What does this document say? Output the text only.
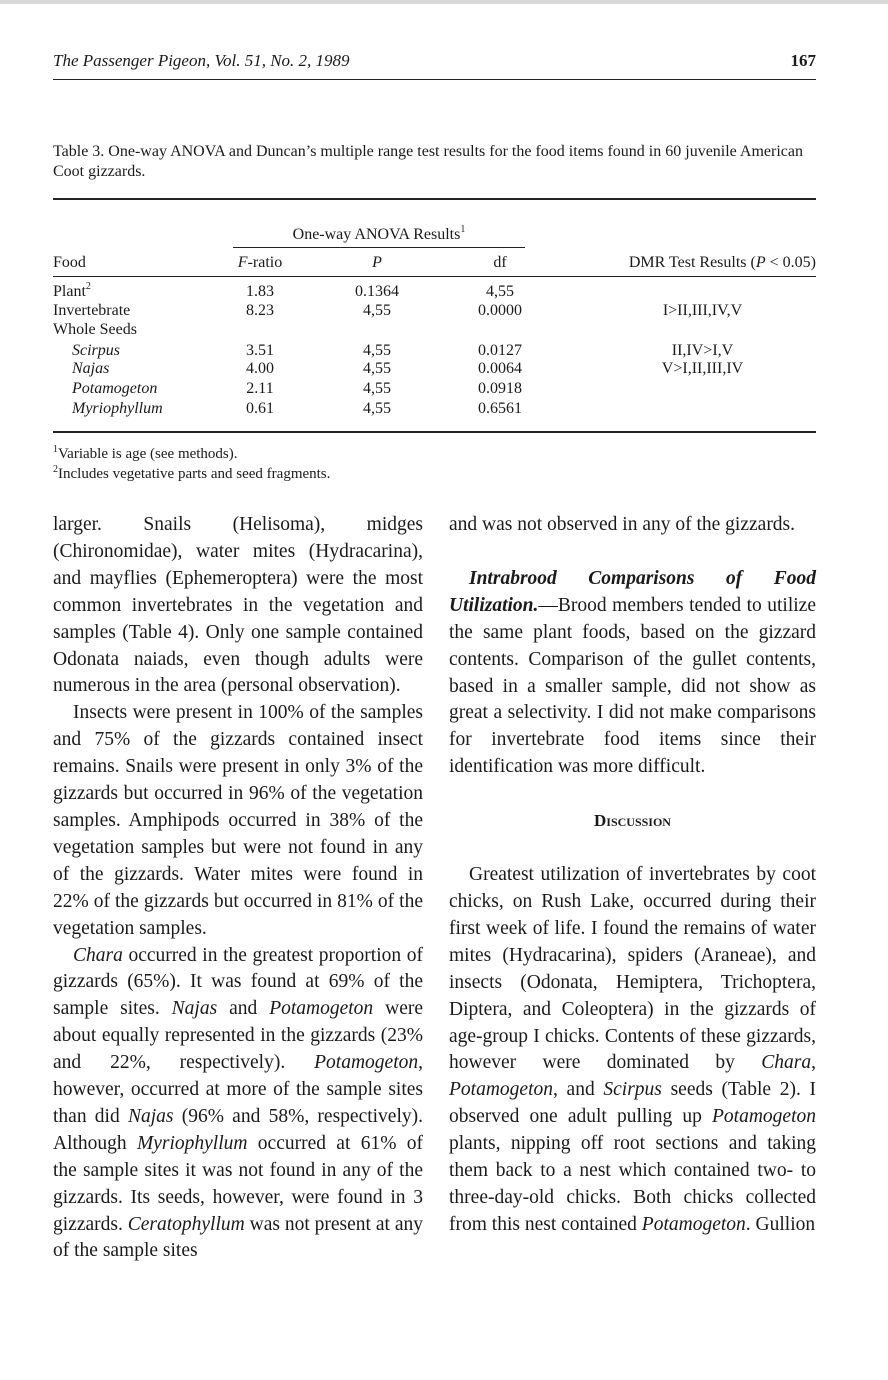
The Passenger Pigeon, Vol. 51, No. 2, 1989	167
Table 3. One-way ANOVA and Duncan’s multiple range test results for the food items found in 60 juvenile American Coot gizzards.
One-way ANOVA Results$^1$
Food	F-ratio	P	df	DMR Test Results (P < 0.05)
Plant$^2$	1.83	0.1364	4,55
Invertebrate	8.23	4,55	0.0000	I>II,III,IV,V
Whole Seeds
Scirpus	3.51	4,55	0.0127	II,IV>I,V
Najas	4.00	4,55	0.0064	V>I,II,III,IV
Potamogeton	2.11	4,55	0.0918
Myriophyllum	0.61	4,55	0.6561
$^1$Variable is age (see methods).
$^2$Includes vegetative parts and seed fragments.

larger. Snails (Helisoma), midges (Chironomidae), water mites (Hydracarina), and mayflies (Ephemeroptera) were the most common invertebrates in the vegetation and samples (Table 4). Only one sample contained Odonata naiads, even though adults were numerous in the area (personal observation).

Insects were present in 100% of the samples and 75% of the gizzards contained insect remains. Snails were present in only 3% of the gizzards but occurred in 96% of the vegetation samples. Amphipods occurred in 38% of the vegetation samples but were not found in any of the gizzards. Water mites were found in 22% of the gizzards but occurred in 81% of the vegetation samples.

Chara occurred in the greatest proportion of gizzards (65%). It was found at 69% of the sample sites. Najas and Potamogeton were about equally represented in the gizzards (23% and 22%, respectively). Potamogeton, however, occurred at more of the sample sites than did Najas (96% and 58%, respectively). Although Myriophyllum occurred at 61% of the sample sites it was not found in any of the gizzards. Its seeds, however, were found in 3 gizzards. Ceratophyllum was not present at any of the sample sites

and was not observed in any of the gizzards.

Intrabrood Comparisons of Food Utilization.—Brood members tended to utilize the same plant foods, based on the gizzard contents. Comparison of the gullet contents, based in a smaller sample, did not show as great a selectivity. I did not make comparisons for invertebrate food items since their identification was more difficult.

Discussion

Greatest utilization of invertebrates by coot chicks, on Rush Lake, occurred during their first week of life. I found the remains of water mites (Hydracarina), spiders (Araneae), and insects (Odonata, Hemiptera, Trichoptera, Diptera, and Coleoptera) in the gizzards of age-group I chicks. Contents of these gizzards, however were dominated by Chara, Potamogeton, and Scirpus seeds (Table 2). I observed one adult pulling up Potamogeton plants, nipping off root sections and taking them back to a nest which contained two- to three-day-old chicks. Both chicks collected from this nest contained Potamogeton. Gullion
